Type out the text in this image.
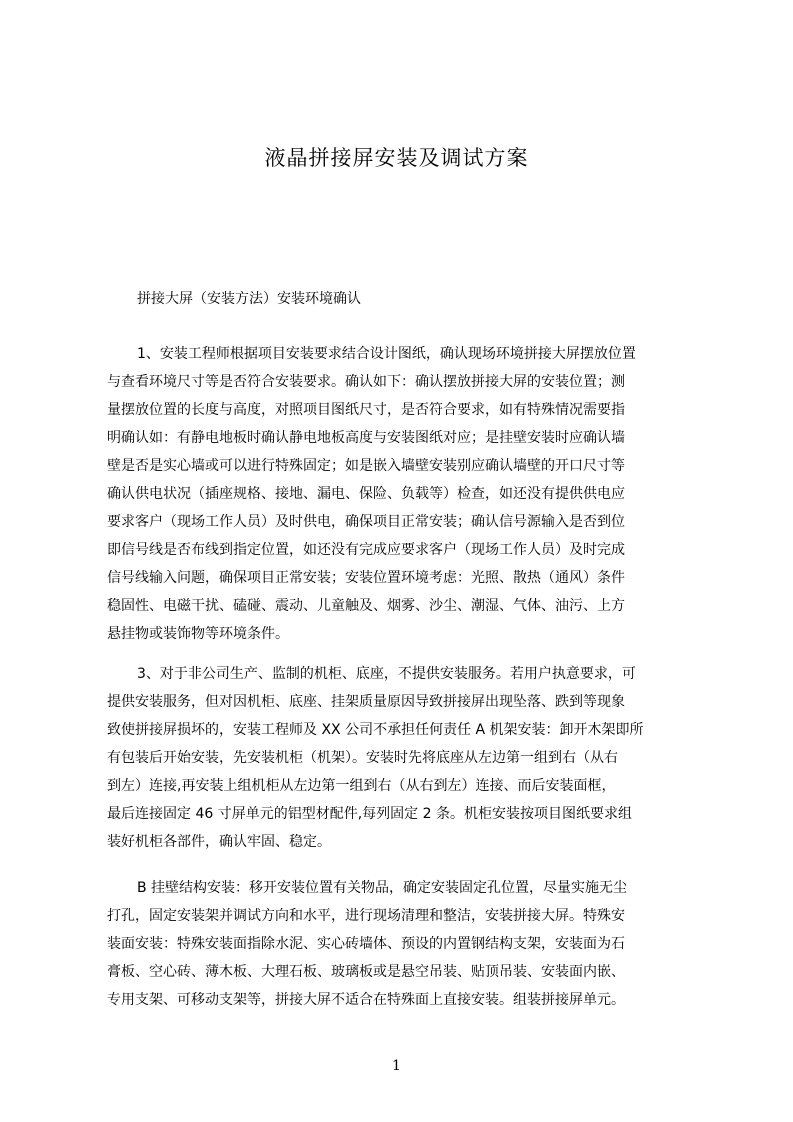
液晶拼接屏安装及调试方案

拼接大屏（安装方法）安装环境确认

1、安装工程师根据项目安装要求结合设计图纸，确认现场环境拼接大屏摆放位置
与查看环境尺寸等是否符合安装要求。确认如下：确认摆放拼接大屏的安装位置；测
量摆放位置的长度与高度，对照项目图纸尺寸，是否符合要求，如有特殊情况需要指
明确认如：有静电地板时确认静电地板高度与安装图纸对应；是挂壁安装时应确认墙
壁是否是实心墙或可以进行特殊固定；如是嵌入墙壁安装别应确认墙壁的开口尺寸等
确认供电状况（插座规格、接地、漏电、保险、负载等）检查，如还没有提供供电应
要求客户（现场工作人员）及时供电，确保项目正常安装；确认信号源输入是否到位
即信号线是否布线到指定位置，如还没有完成应要求客户（现场工作人员）及时完成
信号线输入问题，确保项目正常安装；安装位置环境考虑：光照、散热（通风）条件
稳固性、电磁干扰、磕碰、震动、儿童触及、烟雾、沙尘、潮湿、气体、油污、上方
悬挂物或装饰物等环境条件。
3、对于非公司生产、监制的机柜、底座，不提供安装服务。若用户执意要求，可
提供安装服务，但对因机柜、底座、挂架质量原因导致拼接屏出现坠落、跌到等现象
致使拼接屏损坏的，安装工程师及 XX 公司不承担任何责任 A 机架安装：卸开木架即所
有包装后开始安装，先安装机柜（机架）。安装时先将底座从左边第一组到右（从右
到左）连接,再安装上组机柜从左边第一组到右（从右到左）连接、而后安装面框，
最后连接固定 46 寸屏单元的铝型材配件,每列固定 2 条。机柜安装按项目图纸要求组
装好机柜各部件，确认牢固、稳定。
B 挂壁结构安装：移开安装位置有关物品，确定安装固定孔位置，尽量实施无尘
打孔，固定安装架并调试方向和水平，进行现场清理和整洁，安装拼接大屏。特殊安
装面安装：特殊安装面指除水泥、实心砖墙体、预设的内置钢结构支架，安装面为石
膏板、空心砖、薄木板、大理石板、玻璃板或是悬空吊装、贴顶吊装、安装面内嵌、
专用支架、可移动支架等，拼接大屏不适合在特殊面上直接安装。组装拼接屏单元。
1
